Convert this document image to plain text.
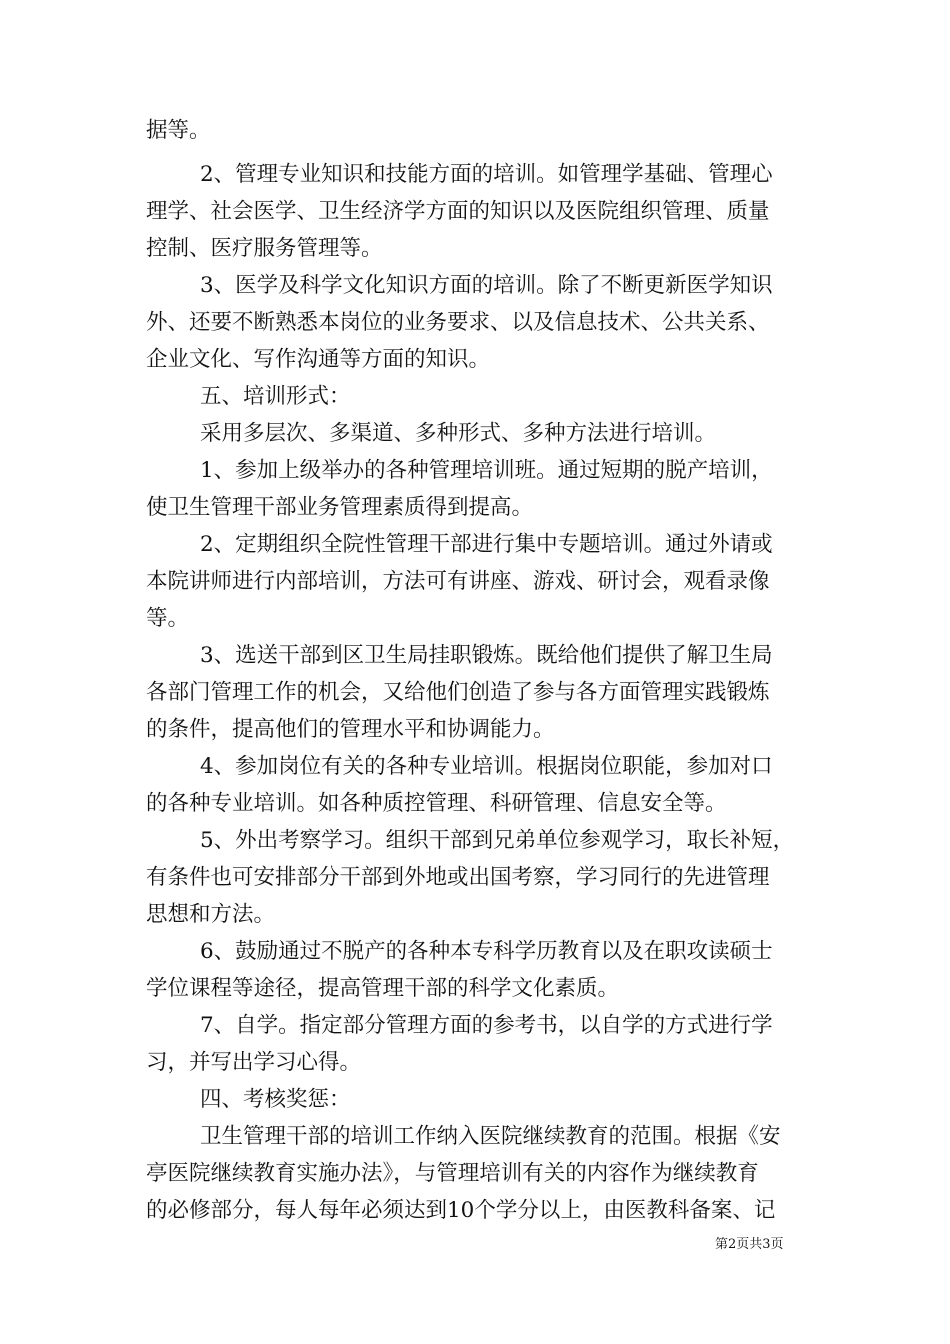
据等。
2、管理专业知识和技能方面的培训。如管理学基础、管理心
理学、社会医学、卫生经济学方面的知识以及医院组织管理、质量
控制、医疗服务管理等。
3、医学及科学文化知识方面的培训。除了不断更新医学知识
外、还要不断熟悉本岗位的业务要求、以及信息技术、公共关系、
企业文化、写作沟通等方面的知识。
五、培训形式：
采用多层次、多渠道、多种形式、多种方法进行培训。
1、参加上级举办的各种管理培训班。通过短期的脱产培训，
使卫生管理干部业务管理素质得到提高。
2、定期组织全院性管理干部进行集中专题培训。通过外请或
本院讲师进行内部培训，方法可有讲座、游戏、研讨会，观看录像
等。
3、选送干部到区卫生局挂职锻炼。既给他们提供了解卫生局
各部门管理工作的机会，又给他们创造了参与各方面管理实践锻炼
的条件，提高他们的管理水平和协调能力。
4、参加岗位有关的各种专业培训。根据岗位职能，参加对口
的各种专业培训。如各种质控管理、科研管理、信息安全等。
5、外出考察学习。组织干部到兄弟单位参观学习，取长补短，
有条件也可安排部分干部到外地或出国考察，学习同行的先进管理
思想和方法。
6、鼓励通过不脱产的各种本专科学历教育以及在职攻读硕士
学位课程等途径，提高管理干部的科学文化素质。
7、自学。指定部分管理方面的参考书，以自学的方式进行学
习，并写出学习心得。
四、考核奖惩：
卫生管理干部的培训工作纳入医院继续教育的范围。根据《安
亭医院继续教育实施办法》，与管理培训有关的内容作为继续教育
的必修部分，每人每年必须达到10个学分以上，由医教科备案、记
第2页共3页
